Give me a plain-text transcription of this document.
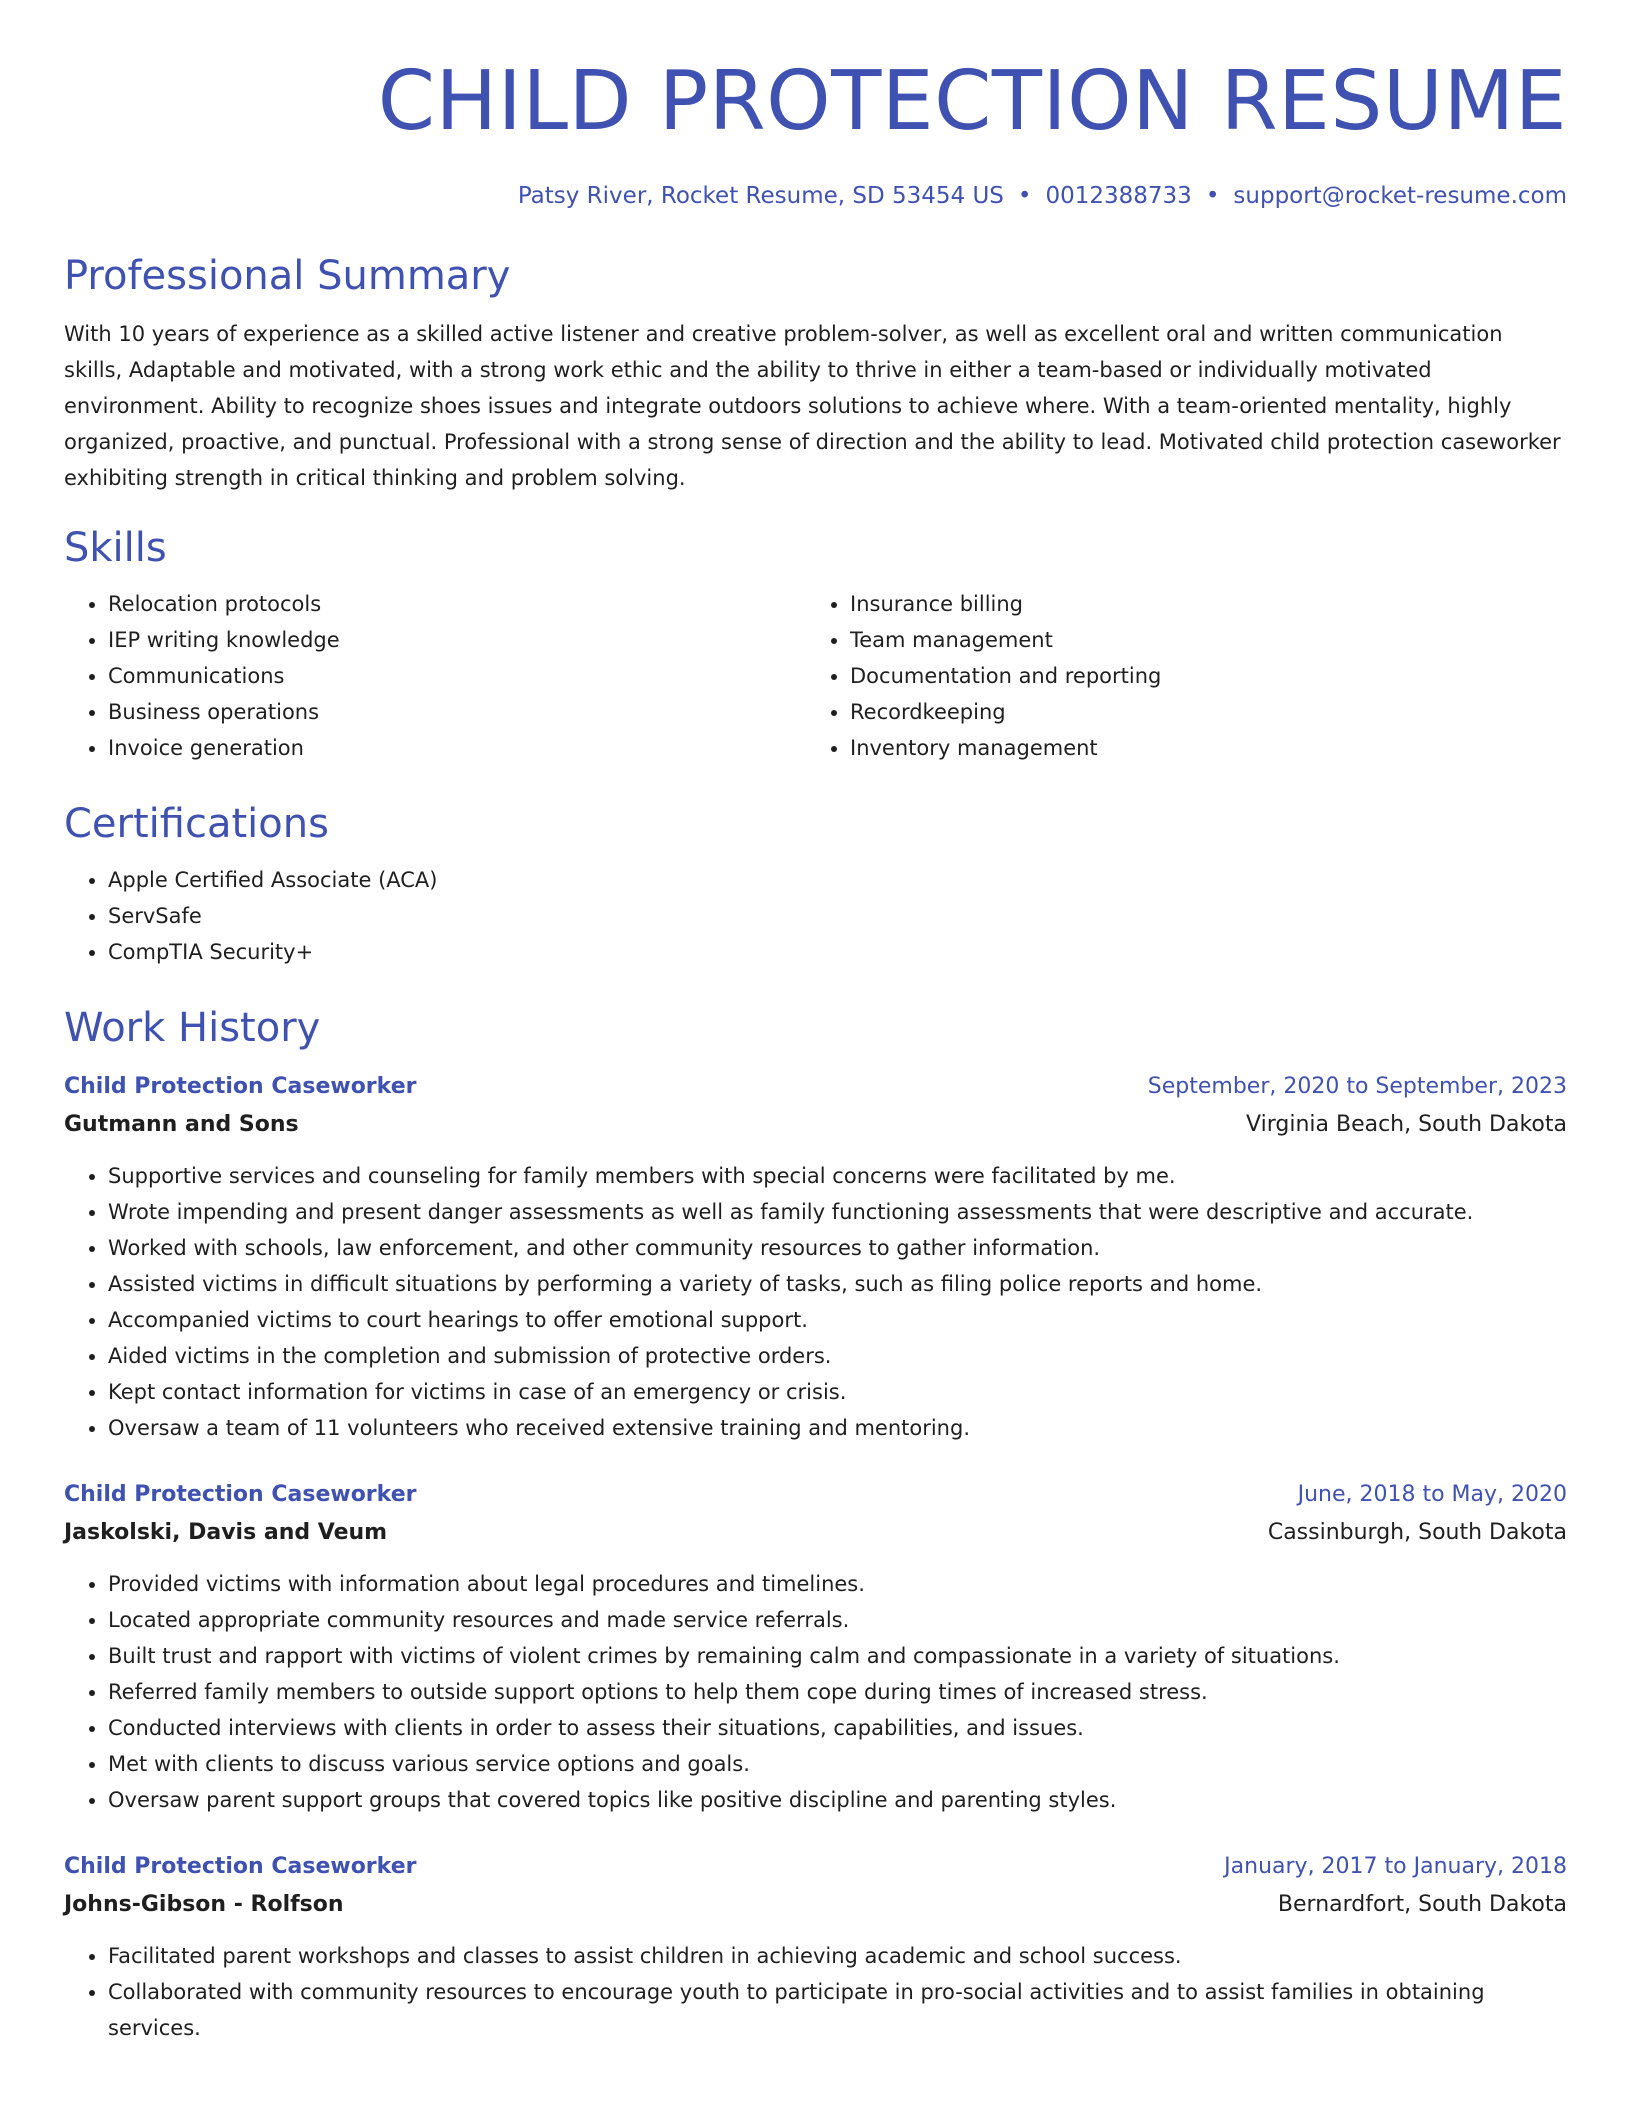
CHILD PROTECTION RESUME
Patsy River, Rocket Resume, SD 53454 US • 0012388733 • support@rocket-resume.com
Professional Summary
With 10 years of experience as a skilled active listener and creative problem-solver, as well as excellent oral and written communication skills, Adaptable and motivated, with a strong work ethic and the ability to thrive in either a team-based or individually motivated environment. Ability to recognize shoes issues and integrate outdoors solutions to achieve where. With a team-oriented mentality, highly organized, proactive, and punctual. Professional with a strong sense of direction and the ability to lead. Motivated child protection caseworker exhibiting strength in critical thinking and problem solving.
Skills
• Relocation protocols
• IEP writing knowledge
• Communications
• Business operations
• Invoice generation
• Insurance billing
• Team management
• Documentation and reporting
• Recordkeeping
• Inventory management
Certifications
• Apple Certified Associate (ACA)
• ServSafe
• CompTIA Security+
Work History
Child Protection Caseworker	September, 2020 to September, 2023
Gutmann and Sons	Virginia Beach, South Dakota
• Supportive services and counseling for family members with special concerns were facilitated by me.
• Wrote impending and present danger assessments as well as family functioning assessments that were descriptive and accurate.
• Worked with schools, law enforcement, and other community resources to gather information.
• Assisted victims in difficult situations by performing a variety of tasks, such as filing police reports and home.
• Accompanied victims to court hearings to offer emotional support.
• Aided victims in the completion and submission of protective orders.
• Kept contact information for victims in case of an emergency or crisis.
• Oversaw a team of 11 volunteers who received extensive training and mentoring.
Child Protection Caseworker	June, 2018 to May, 2020
Jaskolski, Davis and Veum	Cassinburgh, South Dakota
• Provided victims with information about legal procedures and timelines.
• Located appropriate community resources and made service referrals.
• Built trust and rapport with victims of violent crimes by remaining calm and compassionate in a variety of situations.
• Referred family members to outside support options to help them cope during times of increased stress.
• Conducted interviews with clients in order to assess their situations, capabilities, and issues.
• Met with clients to discuss various service options and goals.
• Oversaw parent support groups that covered topics like positive discipline and parenting styles.
Child Protection Caseworker	January, 2017 to January, 2018
Johns-Gibson - Rolfson	Bernardfort, South Dakota
• Facilitated parent workshops and classes to assist children in achieving academic and school success.
• Collaborated with community resources to encourage youth to participate in pro-social activities and to assist families in obtaining services.
